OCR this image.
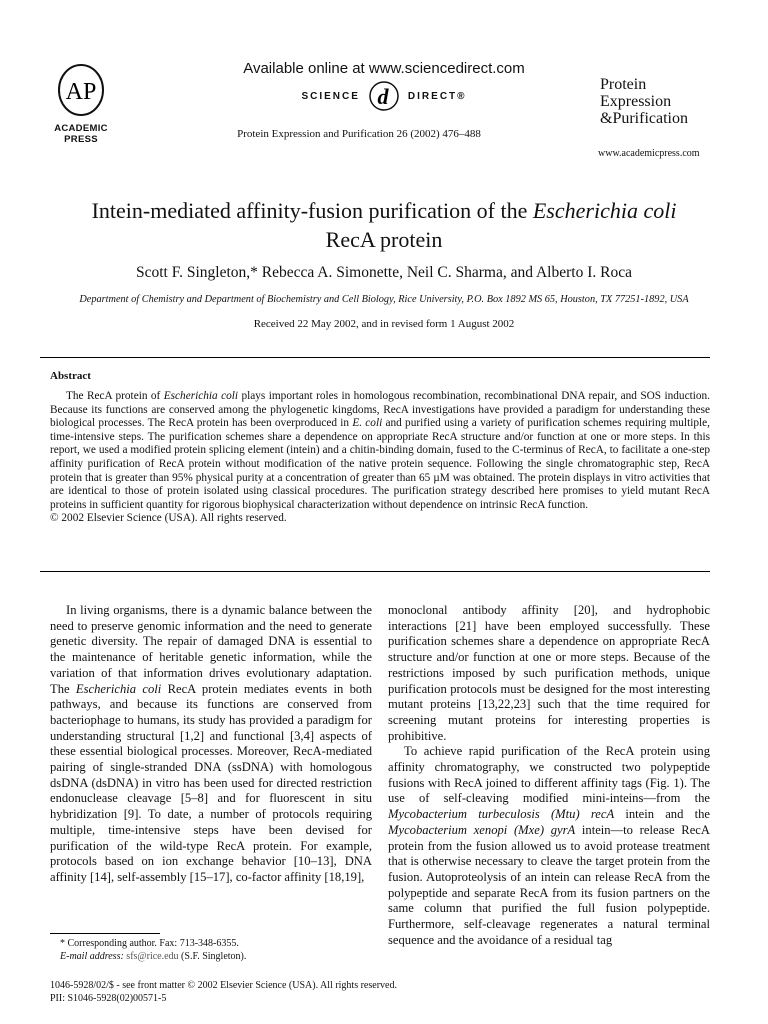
AP
ACADEMIC
PRESS
Available online at www.sciencedirect.com
SCIENCE d DIRECT®
Protein Expression and Purification 26 (2002) 476–488
Protein
Expression
&Purification
www.academicpress.com
Intein-mediated affinity-fusion purification of the Escherichia coli
RecA protein
Scott F. Singleton,* Rebecca A. Simonette, Neil C. Sharma, and Alberto I. Roca
Department of Chemistry and Department of Biochemistry and Cell Biology, Rice University, P.O. Box 1892 MS 65, Houston, TX 77251-1892, USA
Received 22 May 2002, and in revised form 1 August 2002
Abstract
The RecA protein of Escherichia coli plays important roles in homologous recombination, recombinational DNA repair, and SOS induction. Because its functions are conserved among the phylogenetic kingdoms, RecA investigations have provided a paradigm for understanding these biological processes. The RecA protein has been overproduced in E. coli and purified using a variety of purification schemes requiring multiple, time-intensive steps. The purification schemes share a dependence on appropriate RecA structure and/or function at one or more steps. In this report, we used a modified protein splicing element (intein) and a chitin-binding domain, fused to the C-terminus of RecA, to facilitate a one-step affinity purification of RecA protein without modification of the native protein sequence. Following the single chromatographic step, RecA protein that is greater than 95% physical purity at a concentration of greater than 65 µM was obtained. The protein displays in vitro activities that are identical to those of protein isolated using classical procedures. The purification strategy described here promises to yield mutant RecA proteins in sufficient quantity for rigorous biophysical characterization without dependence on intrinsic RecA function.
© 2002 Elsevier Science (USA). All rights reserved.

In living organisms, there is a dynamic balance between the need to preserve genomic information and the need to generate genetic diversity. The repair of damaged DNA is essential to the maintenance of heritable genetic information, while the variation of that information drives evolutionary adaptation. The Escherichia coli RecA protein mediates events in both pathways, and because its functions are conserved from bacteriophage to humans, its study has provided a paradigm for understanding structural [1,2] and functional [3,4] aspects of these essential biological processes. Moreover, RecA-mediated pairing of single-stranded DNA (ssDNA) with homologous dsDNA (dsDNA) in vitro has been used for directed restriction endonuclease cleavage [5–8] and for fluorescent in situ hybridization [9]. To date, a number of protocols requiring multiple, time-intensive steps have been devised for purification of the wild-type RecA protein. For example, protocols based on ion exchange behavior [10–13], DNA affinity [14], self-assembly [15–17], co-factor affinity [18,19],

monoclonal antibody affinity [20], and hydrophobic interactions [21] have been employed successfully. These purification schemes share a dependence on appropriate RecA structure and/or function at one or more steps. Because of the restrictions imposed by such purification methods, unique purification protocols must be designed for the most interesting mutant proteins [13,22,23] such that the time required for screening mutant proteins for interesting properties is prohibitive.

To achieve rapid purification of the RecA protein using affinity chromatography, we constructed two polypeptide fusions with RecA joined to different affinity tags (Fig. 1). The use of self-cleaving modified mini-inteins—from the Mycobacterium turbeculosis (Mtu) recA intein and the Mycobacterium xenopi (Mxe) gyrA intein—to release RecA protein from the fusion allowed us to avoid protease treatment that is otherwise necessary to cleave the target protein from the fusion. Autoproteolysis of an intein can release RecA from the polypeptide and separate RecA from its fusion partners on the same column that purified the full fusion polypeptide. Furthermore, self-cleavage regenerates a natural terminal sequence and the avoidance of a residual tag

* Corresponding author. Fax: 713-348-6355.
E-mail address: sfs@rice.edu (S.F. Singleton).
1046-5928/02/$ - see front matter © 2002 Elsevier Science (USA). All rights reserved.
PII: S1046-5928(02)00571-5
